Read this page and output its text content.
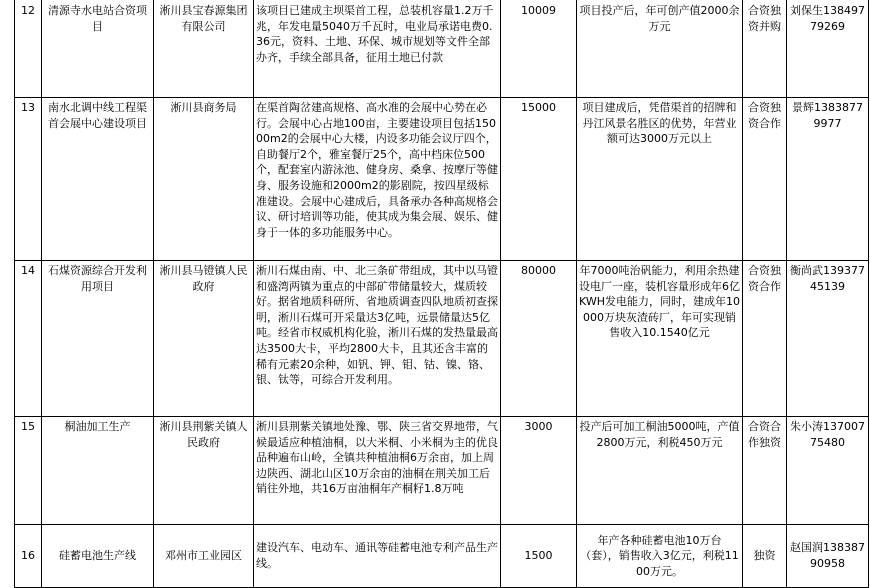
12	清源寺水电站合资项目	淅川县宝春源集团有限公司	该项目已建成主坝渠首工程，总装机容量1.2万千兆，年发电量5040万千瓦时，电业局承诺电费0.36元，资料、土地、环保、城市规划等文件全部办齐，手续全部具备，征用土地已付款	10009	项目投产后，年可创产值2000余万元	合资独资并购	刘保生13849779269
13	南水北调中线工程渠首会展中心建设项目	淅川县商务局	在渠首陶岔建高规格、高水准的会展中心势在必行。会展中心占地100亩，主要建设项目包括15000m2的会展中心大楼，内设多功能会议厅四个，自助餐厅2个，雅室餐厅25个，高中档床位500个，配套室内游泳池、健身房、桑拿、按摩厅等健身、服务设施和2000m2的影剧院，按四星级标准建设。会展中心建成后，具备承办各种高规格会议、研讨培训等功能，使其成为集会展、娱乐、健身于一体的多功能服务中心。	15000	项目建成后，凭借渠首的招牌和丹江风景名胜区的优势，年营业额可达3000万元以上	合资独资合作	景辉13838779977
14	石煤资源综合开发利用项目	淅川县马镫镇人民政府	淅川石煤由南、中、北三条矿带组成，其中以马镫和盛湾两镇为重点的中部矿带储量较大，煤质较好。据省地质科研所、省地质调查四队地质初查探明，淅川石煤可开采量达3亿吨，远景储量达5亿吨。经省市权威机构化验，淅川石煤的发热量最高达3500大卡，平均2800大卡，且其还含丰富的稀有元素20余种，如钒、钾、钼、钴、镍、铬、银、钛等，可综合开发利用。	80000	年7000吨治矾能力，利用余热建设电厂一座，装机容量形成年6亿KWH发电能力，同时，建成年10000万块灰渣砖厂，年可实现销售收入10.1540亿元	合资独资合作	衡尚武13937745139
15	桐油加工生产	淅川县荆紫关镇人民政府	淅川县荆紫关镇地处豫、鄂、陕三省交界地带，气候最适应种植油桐，以大米桐、小米桐为主的优良品种遍布山岭，全镇共种植油桐6万余亩，加上周边陕西、湖北山区10万余亩的油桐在荆关加工后销往外地，共16万亩油桐年产桐籽1.8万吨	3000	投产后可加工桐油5000吨，产值2800万元，利税450万元	合资合作独资	朱小涛13700775480
16	硅蓄电池生产线	邓州市工业园区	建设汽车、电动车、通讯等硅蓄电池专利产品生产线。	1500	年产各种硅蓄电池10万台（套），销售收入3亿元，利税1100万元。	独资	赵国润13838790958
